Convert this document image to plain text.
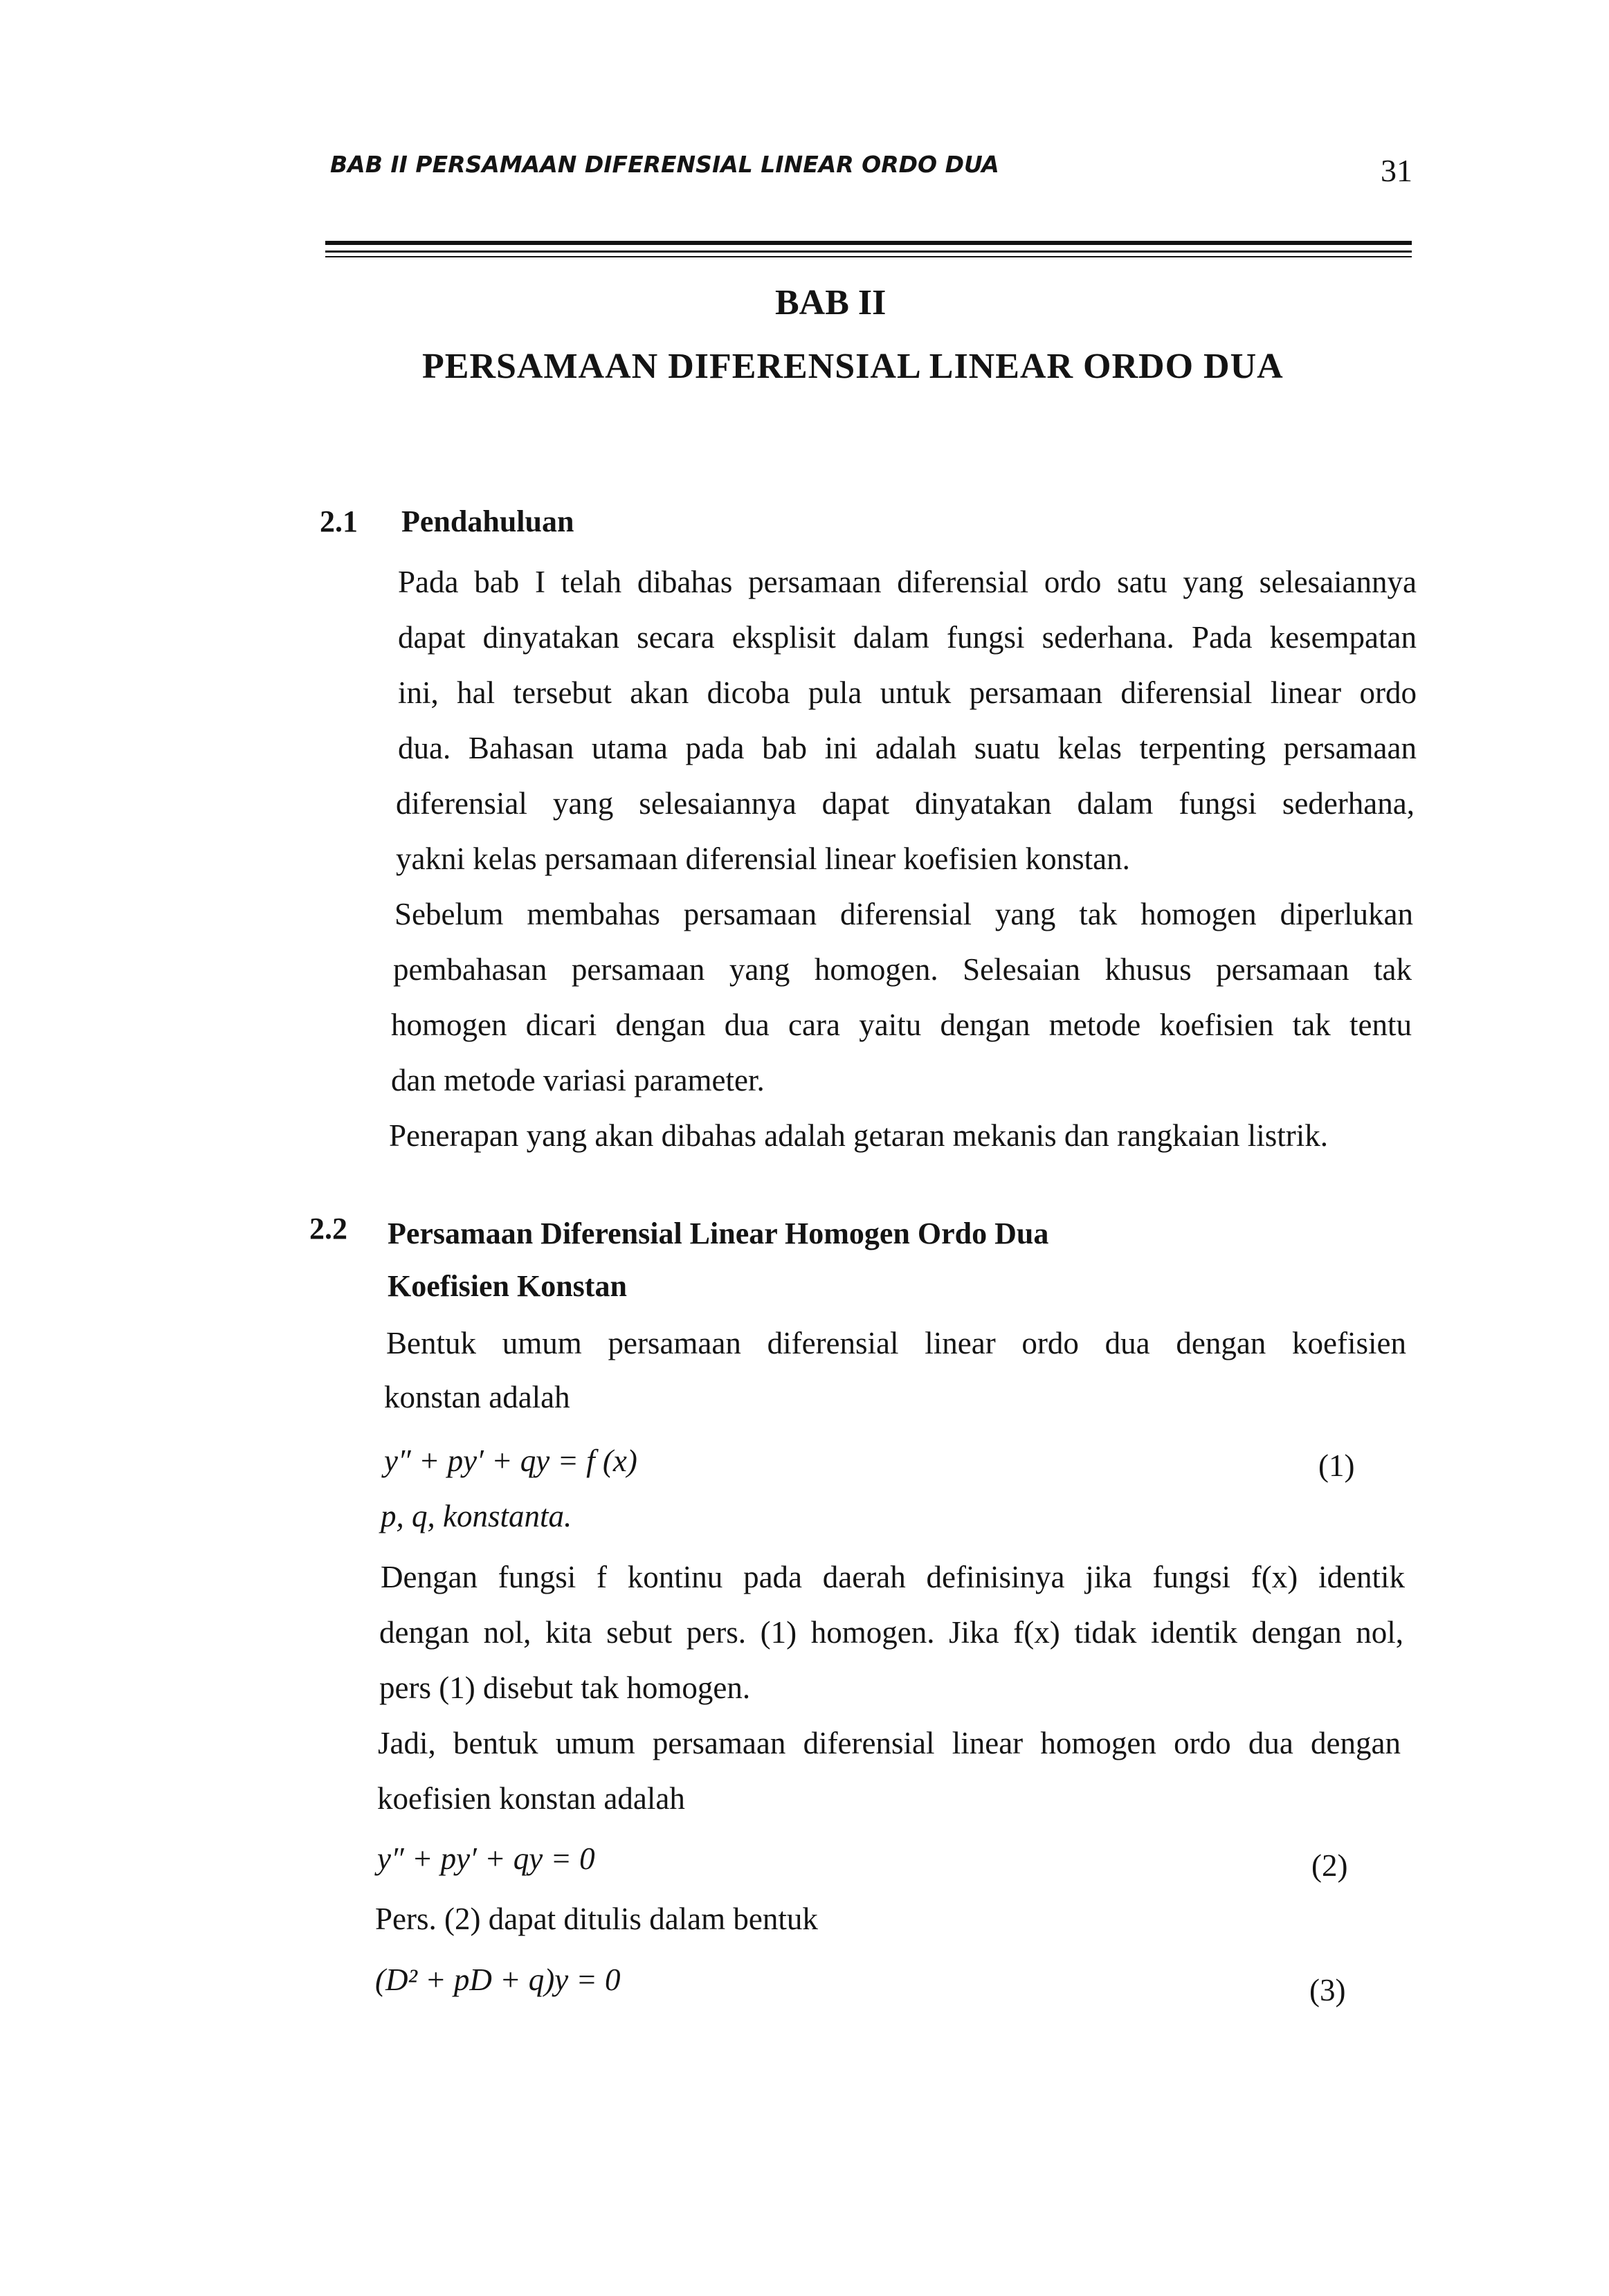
BAB II PERSAMAAN DIFERENSIAL LINEAR ORDO DUA	31
BAB II
PERSAMAAN DIFERENSIAL LINEAR ORDO DUA
2.1 Pendahuluan
Pada bab I telah dibahas persamaan diferensial ordo satu yang selesaiannya
dapat dinyatakan secara eksplisit dalam fungsi sederhana. Pada kesempatan
ini, hal tersebut akan dicoba pula untuk persamaan diferensial linear ordo
dua. Bahasan utama pada bab ini adalah suatu kelas terpenting persamaan
diferensial yang selesaiannya dapat dinyatakan dalam fungsi sederhana,
yakni kelas persamaan diferensial linear koefisien konstan.
Sebelum membahas persamaan diferensial yang tak homogen diperlukan
pembahasan persamaan yang homogen. Selesaian khusus persamaan tak
homogen dicari dengan dua cara yaitu dengan metode koefisien tak tentu
dan metode variasi parameter.
Penerapan yang akan dibahas adalah getaran mekanis dan rangkaian listrik.
2.2 Persamaan Diferensial Linear Homogen Ordo Dua
Koefisien Konstan
Bentuk umum persamaan diferensial linear ordo dua dengan koefisien
konstan adalah
y″ + py′ + qy = f (x)	(1)
p, q, konstanta.
Dengan fungsi f kontinu pada daerah definisinya jika fungsi f(x) identik
dengan nol, kita sebut pers. (1) homogen. Jika f(x) tidak identik dengan nol,
pers (1) disebut tak homogen.
Jadi, bentuk umum persamaan diferensial linear homogen ordo dua dengan
koefisien konstan adalah
y″ + py′ + qy = 0	(2)
Pers. (2) dapat ditulis dalam bentuk
(D² + pD + q)y = 0	(3)
